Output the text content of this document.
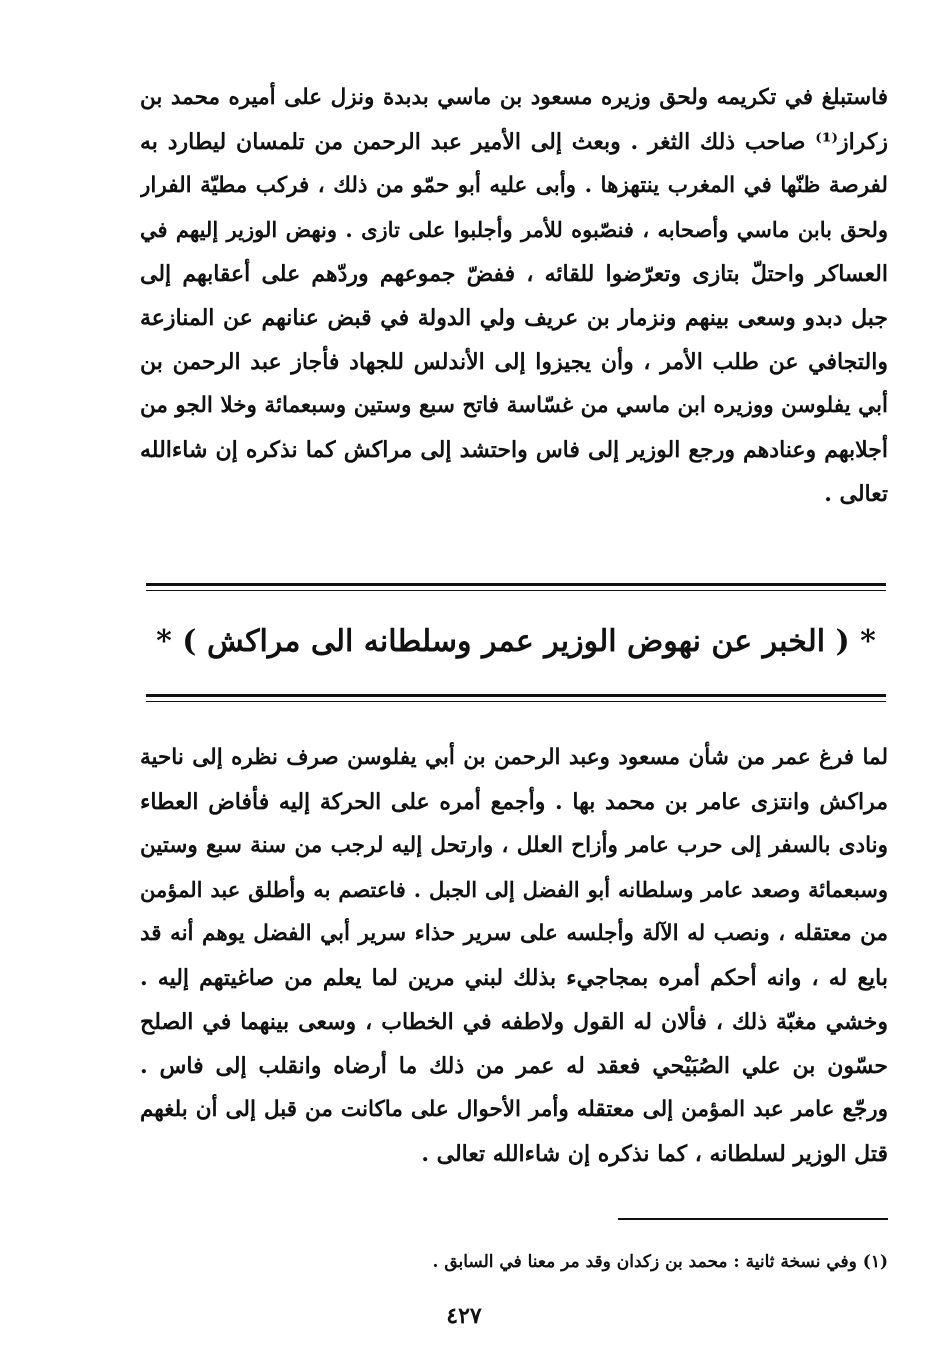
فاستبلغ في تكريمه ولحق وزيره مسعود بن ماسي بدبدة ونزل على أميره محمد بن
زكراز⁽¹⁾ صاحب ذلك الثغر . وبعث إلى الأمير عبد الرحمن من تلمسان ليطارد به
لفرصة ظنّها في المغرب ينتهزها . وأبى عليه أبو حمّو من ذلك ، فركب مطيّة الفرار
ولحق بابن ماسي وأصحابه ، فنصّبوه للأمر وأجلبوا على تازى . ونهض الوزير إليهم في
العساكر واحتلّ بتازى وتعرّضوا للقائه ، ففضّ جموعهم وردّهم على أعقابهم إلى
جبل دبدو وسعى بينهم ونزمار بن عريف ولي الدولة في قبض عنانهم عن المنازعة
والتجافي عن طلب الأمر ، وأن يجيزوا إلى الأندلس للجهاد فأجاز عبد الرحمن بن
أبي يفلوسن ووزيره ابن ماسي من غسّاسة فاتح سبع وستين وسبعمائة وخلا الجو من
أجلابهم وعنادهم ورجع الوزير إلى فاس واحتشد إلى مراكش كما نذكره إن شاءالله
تعالى .
* ( الخبر عن نهوض الوزير عمر وسلطانه الى مراكش ) *
لما فرغ عمر من شأن مسعود وعبد الرحمن بن أبي يفلوسن صرف نظره إلى ناحية
مراكش وانتزى عامر بن محمد بها . وأجمع أمره على الحركة إليه فأفاض العطاء
ونادى بالسفر إلى حرب عامر وأزاح العلل ، وارتحل إليه لرجب من سنة سبع وستين
وسبعمائة وصعد عامر وسلطانه أبو الفضل إلى الجبل . فاعتصم به وأطلق عبد المؤمن
من معتقله ، ونصب له الآلة وأجلسه على سرير حذاء سرير أبي الفضل يوهم أنه قد
بايع له ، وانه أحكم أمره بمجاجيء بذلك لبني مرين لما يعلم من صاغيتهم إليه .
وخشي مغبّة ذلك ، فألان له القول ولاطفه في الخطاب ، وسعى بينهما في الصلح
حسّون بن علي الصُبَيْحي فعقد له عمر من ذلك ما أرضاه وانقلب إلى فاس .
ورجّع عامر عبد المؤمن إلى معتقله وأمر الأحوال على ماكانت من قبل إلى أن بلغهم
قتل الوزير لسلطانه ، كما نذكره إن شاءالله تعالى .
(١) وفي نسخة ثانية : محمد بن زكدان وقد مر معنا في السابق .
٤٢٧
